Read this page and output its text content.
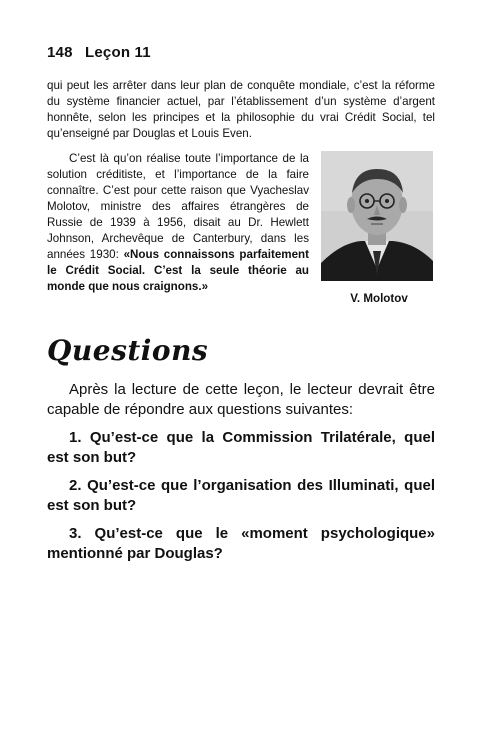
148 Leçon 11
qui peut les arrêter dans leur plan de conquête mondiale, c’est la réforme du système financier actuel, par l’établissement d’un système d’argent honnête, selon les principes et la philosophie du vrai Crédit Social, tel qu’enseigné par Douglas et Louis Even.
V. Molotov

C’est là qu’on réalise toute l’importance de la solution créditiste, et l’importance de la faire connaître. C’est pour cette raison que Vyacheslav Molotov, ministre des affaires étrangères de Russie de 1939 à 1956, disait au Dr. Hewlett Johnson, Archevêque de Canterbury, dans les années 1930: «Nous connaissons parfaitement le Crédit Social. C’est la seule théorie au monde que nous craignons.»

Questions

Après la lecture de cette leçon, le lecteur devrait être capable de répondre aux questions suivantes:

1. Qu’est-ce que la Commission Trilatérale, quel est son but?

2. Qu’est-ce que l’organisation des Illuminati, quel est son but?

3. Qu’est-ce que le «moment psychologique» mentionné par Douglas?
